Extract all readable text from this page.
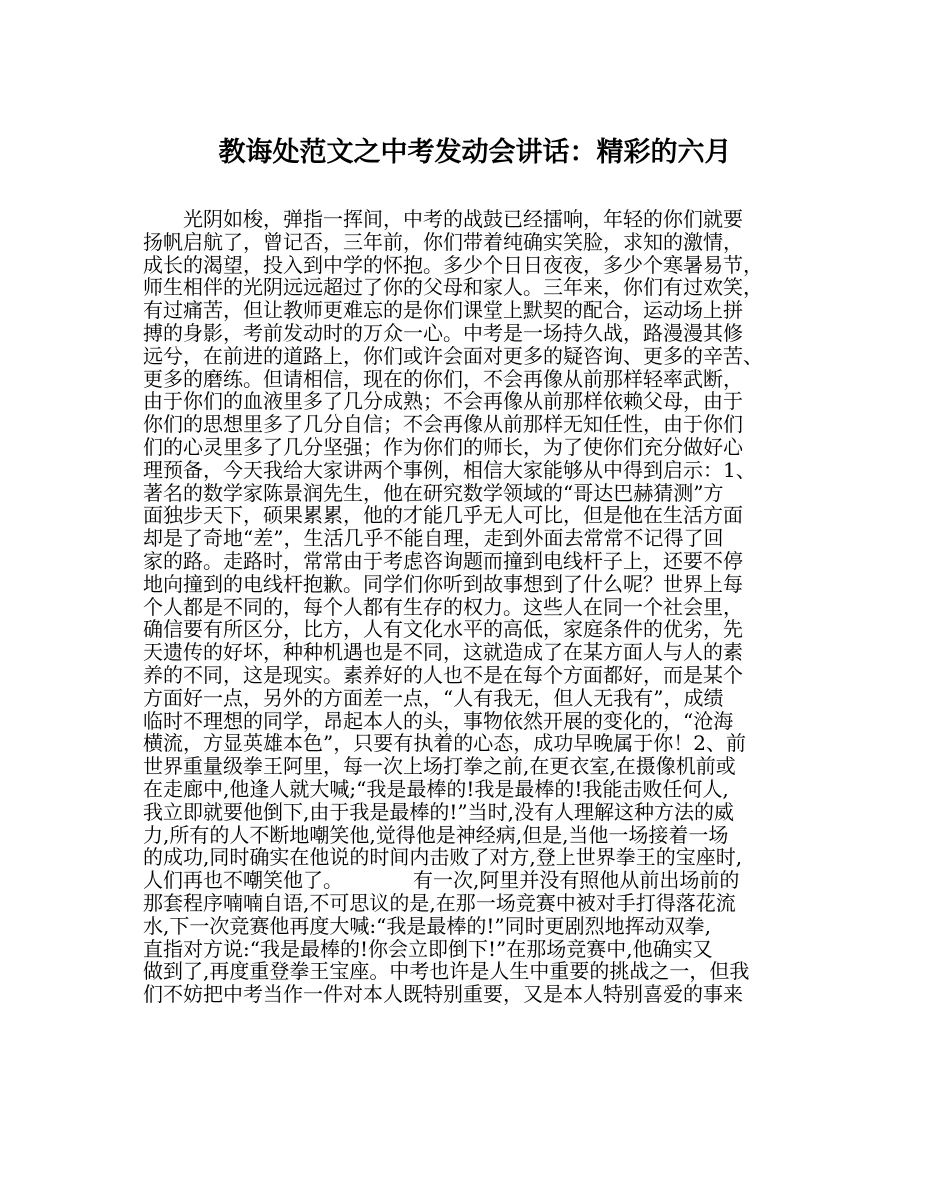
教诲处范文之中考发动会讲话：精彩的六月
　　光阴如梭，弹指一挥间，中考的战鼓已经擂响，年轻的你们就要
扬帆启航了，曾记否，三年前，你们带着纯确实笑脸，求知的激情，
成长的渴望，投入到中学的怀抱。多少个日日夜夜，多少个寒暑易节，
师生相伴的光阴远远超过了你的父母和家人。三年来，你们有过欢笑，
有过痛苦，但让教师更难忘的是你们课堂上默契的配合，运动场上拼
搏的身影，考前发动时的万众一心。中考是一场持久战，路漫漫其修
远兮，在前进的道路上，你们或许会面对更多的疑咨询、更多的辛苦、
更多的磨练。但请相信，现在的你们，不会再像从前那样轻率武断，
由于你们的血液里多了几分成熟；不会再像从前那样依赖父母，由于
你们的思想里多了几分自信；不会再像从前那样无知任性，由于你们
们的心灵里多了几分坚强；作为你们的师长，为了使你们充分做好心
理预备，今天我给大家讲两个事例，相信大家能够从中得到启示：1、
著名的数学家陈景润先生，他在研究数学领域的“哥达巴赫猜测”方
面独步天下，硕果累累，他的才能几乎无人可比，但是他在生活方面
却是了奇地“差”，生活几乎不能自理，走到外面去常常不记得了回
家的路。走路时，常常由于考虑咨询题而撞到电线杆子上，还要不停
地向撞到的电线杆抱歉。同学们你听到故事想到了什么呢？世界上每
个人都是不同的，每个人都有生存的权力。这些人在同一个社会里，
确信要有所区分，比方，人有文化水平的高低，家庭条件的优劣，先
天遗传的好坏，种种机遇也是不同，这就造成了在某方面人与人的素
养的不同，这是现实。素养好的人也不是在每个方面都好，而是某个
方面好一点，另外的方面差一点，“人有我无，但人无我有”，成绩
临时不理想的同学，昂起本人的头，事物依然开展的变化的，“沧海
横流，方显英雄本色”，只要有执着的心态，成功早晚属于你！2、前
世界重量级拳王阿里，每一次上场打拳之前,在更衣室,在摄像机前或
在走廊中,他逢人就大喊;“我是最棒的!我是最棒的!我能击败任何人,
我立即就要他倒下,由于我是最棒的!”当时,没有人理解这种方法的威
力,所有的人不断地嘲笑他,觉得他是神经病,但是,当他一场接着一场
的成功,同时确实在他说的时间内击败了对方,登上世界拳王的宝座时,
人们再也不嘲笑他了。　　　　有一次,阿里并没有照他从前出场前的
那套程序喃喃自语,不可思议的是,在那一场竞赛中被对手打得落花流
水,下一次竞赛他再度大喊:“我是最棒的!”同时更剧烈地挥动双拳,
直指对方说:“我是最棒的!你会立即倒下!”在那场竞赛中,他确实又
做到了,再度重登拳王宝座。中考也许是人生中重要的挑战之一，但我
们不妨把中考当作一件对本人既特别重要，又是本人特别喜爱的事来
